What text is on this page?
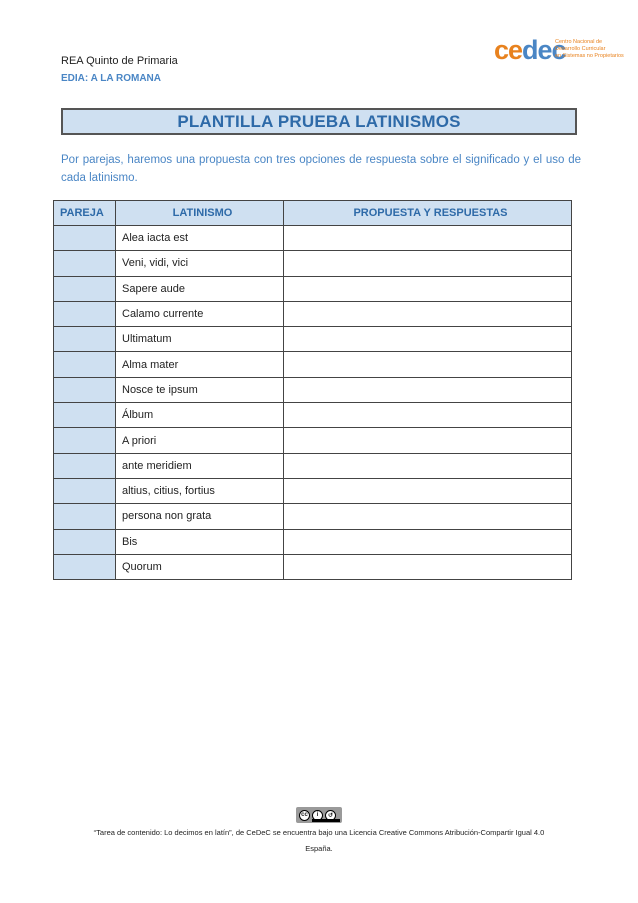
REA Quinto de Primaria
EDIA: A LA ROMANA
cedec
Centro Nacional de
Desarrollo Curricular
en Sistemas no Propietarios
PLANTILLA PRUEBA LATINISMOS
Por parejas, haremos una propuesta con tres opciones de respuesta sobre el significado y el uso de cada latinismo.
PAREJA	LATINISMO	PROPUESTA Y RESPUESTAS
	Alea iacta est	
	Veni, vidi, vici	
	Sapere aude	
	Calamo currente	
	Ultimatum	
	Alma mater	
	Nosce te ipsum	
	Álbum	
	A priori	
	ante meridiem	
	altius, citius, fortius	
	persona non grata	
	Bis	
	Quorum	
cc	i	↺
“Tarea de contenido: Lo decimos en latín”, de CeDeC se encuentra bajo una Licencia Creative Commons Atribución-Compartir Igual 4.0
España.
